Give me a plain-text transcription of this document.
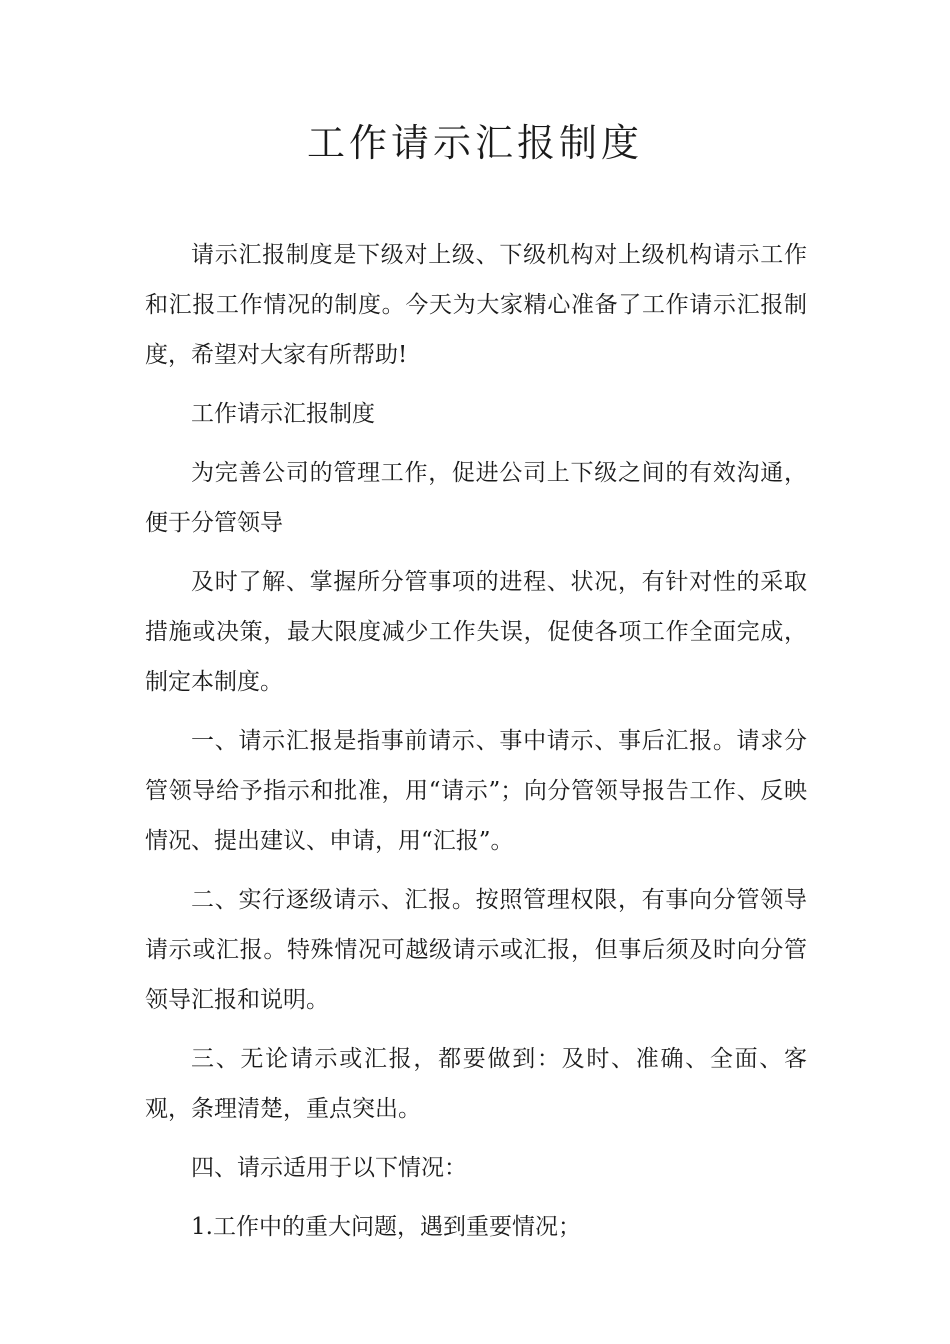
工作请示汇报制度

请示汇报制度是下级对上级、下级机构对上级机构请示工作和汇报工作情况的制度。今天为大家精心准备了工作请示汇报制度，希望对大家有所帮助!

工作请示汇报制度

为完善公司的管理工作，促进公司上下级之间的有效沟通，便于分管领导

及时了解、掌握所分管事项的进程、状况，有针对性的采取措施或决策，最大限度减少工作失误，促使各项工作全面完成，制定本制度。

一、请示汇报是指事前请示、事中请示、事后汇报。请求分管领导给予指示和批准，用“请示”；向分管领导报告工作、反映情况、提出建议、申请，用“汇报”。

二、实行逐级请示、汇报。按照管理权限，有事向分管领导请示或汇报。特殊情况可越级请示或汇报，但事后须及时向分管领导汇报和说明。

三、无论请示或汇报，都要做到：及时、准确、全面、客观，条理清楚，重点突出。

四、请示适用于以下情况：

1.工作中的重大问题，遇到重要情况；
